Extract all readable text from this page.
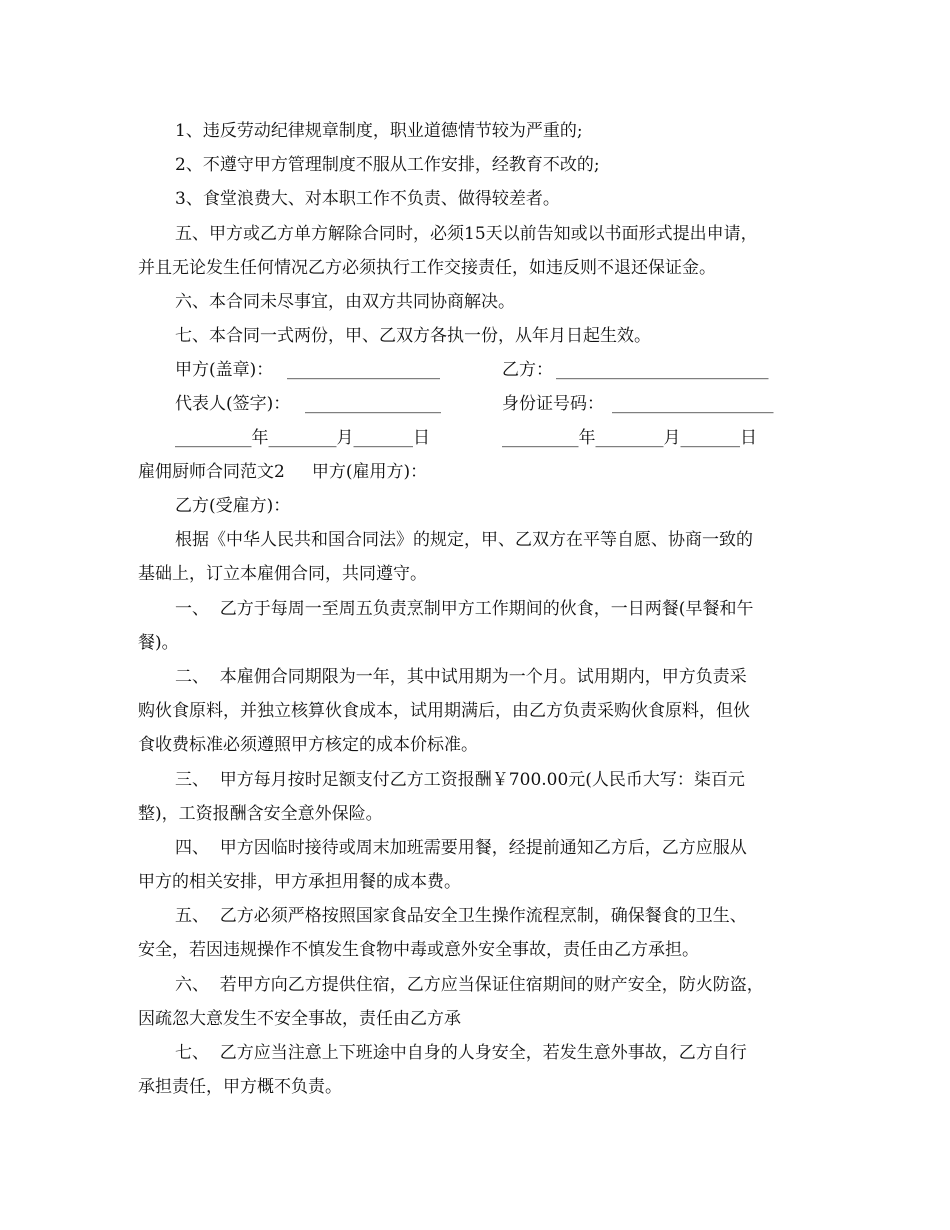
1、违反劳动纪律规章制度，职业道德情节较为严重的;
2、不遵守甲方管理制度不服从工作安排，经教育不改的;
3、食堂浪费大、对本职工作不负责、做得较差者。
五、甲方或乙方单方解除合同时，必须15天以前告知或以书面形式提出申请，
并且无论发生任何情况乙方必须执行工作交接责任，如违反则不退还保证金。
六、本合同未尽事宜，由双方共同协商解决。
七、本合同一式两份，甲、乙双方各执一份，从年月日起生效。
甲方(盖章)： __________________	乙方： _________________________
代表人(签字)： ________________	身份证号码： ___________________
_________年________月_______日	_________年________月_______日
雇佣厨师合同范文2     甲方(雇用方)：
乙方(受雇方)：
根据《中华人民共和国合同法》的规定，甲、乙双方在平等自愿、协商一致的
基础上，订立本雇佣合同，共同遵守。
一、  乙方于每周一至周五负责烹制甲方工作期间的伙食，一日两餐(早餐和午
餐)。
二、  本雇佣合同期限为一年，其中试用期为一个月。试用期内，甲方负责采
购伙食原料，并独立核算伙食成本，试用期满后，由乙方负责采购伙食原料，但伙
食收费标准必须遵照甲方核定的成本价标准。
三、  甲方每月按时足额支付乙方工资报酬￥700.00元(人民币大写：柒百元
整)，工资报酬含安全意外保险。
四、  甲方因临时接待或周末加班需要用餐，经提前通知乙方后，乙方应服从
甲方的相关安排，甲方承担用餐的成本费。
五、  乙方必须严格按照国家食品安全卫生操作流程烹制，确保餐食的卫生、
安全，若因违规操作不慎发生食物中毒或意外安全事故，责任由乙方承担。
六、  若甲方向乙方提供住宿，乙方应当保证住宿期间的财产安全，防火防盗，
因疏忽大意发生不安全事故，责任由乙方承
七、  乙方应当注意上下班途中自身的人身安全，若发生意外事故，乙方自行
承担责任，甲方概不负责。
